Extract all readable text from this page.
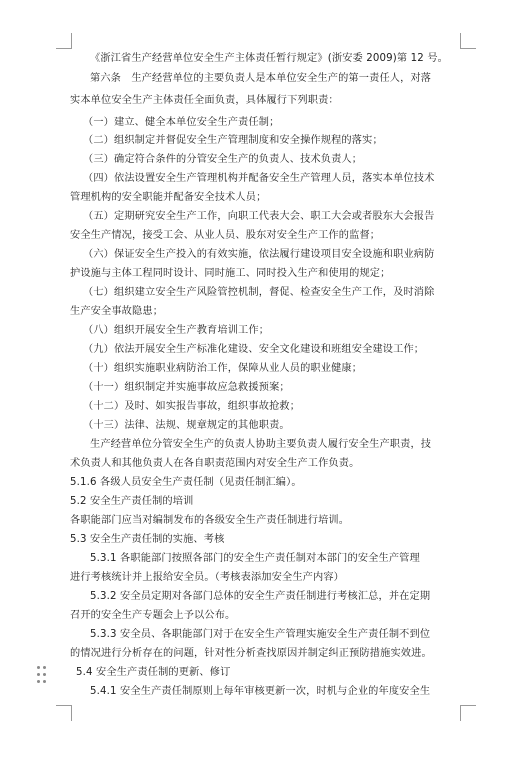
《浙江省生产经营单位安全生产主体责任暂行规定》(浙安委 2009)第 12 号。
第六条　生产经营单位的主要负责人是本单位安全生产的第一责任人，对落
实本单位安全生产主体责任全面负责，具体履行下列职责：
（一）建立、健全本单位安全生产责任制；
（二）组织制定并督促安全生产管理制度和安全操作规程的落实；
（三）确定符合条件的分管安全生产的负责人、技术负责人；
（四）依法设置安全生产管理机构并配备安全生产管理人员，落实本单位技术
管理机构的安全职能并配备安全技术人员；
（五）定期研究安全生产工作，向职工代表大会、职工大会或者股东大会报告
安全生产情况，接受工会、从业人员、股东对安全生产工作的监督；
（六）保证安全生产投入的有效实施，依法履行建设项目安全设施和职业病防
护设施与主体工程同时设计、同时施工、同时投入生产和使用的规定；
（七）组织建立安全生产风险管控机制，督促、检查安全生产工作，及时消除
生产安全事故隐患；
（八）组织开展安全生产教育培训工作；
（九）依法开展安全生产标准化建设、安全文化建设和班组安全建设工作；
（十）组织实施职业病防治工作，保障从业人员的职业健康；
（十一）组织制定并实施事故应急救援预案；
（十二）及时、如实报告事故，组织事故抢救；
（十三）法律、法规、规章规定的其他职责。
生产经营单位分管安全生产的负责人协助主要负责人履行安全生产职责，技
术负责人和其他负责人在各自职责范围内对安全生产工作负责。
5.1.6 各级人员安全生产责任制（见责任制汇编）。
5.2 安全生产责任制的培训
各职能部门应当对编制发布的各级安全生产责任制进行培训。
5.3 安全生产责任制的实施、考核
5.3.1 各职能部门按照各部门的安全生产责任制对本部门的安全生产管理
进行考核统计并上报给安全员。（考核表添加安全生产内容）
5.3.2 安全员定期对各部门总体的安全生产责任制进行考核汇总，并在定期
召开的安全生产专题会上予以公布。
5.3.3 安全员、各职能部门对于在安全生产管理实施安全生产责任制不到位
的情况进行分析存在的问题，针对性分析查找原因并制定纠正预防措施实效进。
5.4 安全生产责任制的更新、修订
5.4.1 安全生产责任制原则上每年审核更新一次，时机与企业的年度安全生
